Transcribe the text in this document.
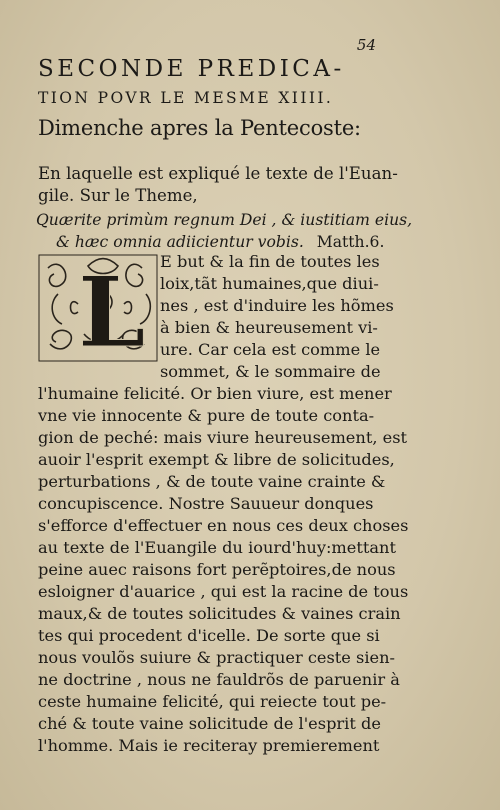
54
SECONDE PREDICA-
TION POVR LE MESME XIIII.
Dimenche apres la Pentecoste:
En laquelle est expliqué le texte de l'Euan-
gile. Sur le Theme,
Quærite primùm regnum Dei , & iustitiam eius,
& hæc omnia adiicientur vobis. Matth.6.
L E but & la fin de toutes les
loix,tãt humaines,que diui-
nes , est d'induire les hõmes
à bien & heureusement vi-
ure. Car cela est comme le
sommet, & le sommaire de
l'humaine felicité. Or bien viure, est mener
vne vie innocente & pure de toute conta-
gion de peché: mais viure heureusement, est
auoir l'esprit exempt & libre de solicitudes,
perturbations , & de toute vaine crainte &
concupiscence. Nostre Sauueur donques
s'efforce d'effectuer en nous ces deux choses
au texte de l'Euangile du iourd'huy:mettant
peine auec raisons fort perẽptoires,de nous
esloigner d'auarice , qui est la racine de tous
maux,& de toutes solicitudes & vaines crain
tes qui procedent d'icelle. De sorte que si
nous voulõs suiure & practiquer ceste sien-
ne doctrine , nous ne fauldrõs de paruenir à
ceste humaine felicité, qui reiecte tout pe-
ché & toute vaine solicitude de l'esprit de
l'homme. Mais ie reciteray premierement
